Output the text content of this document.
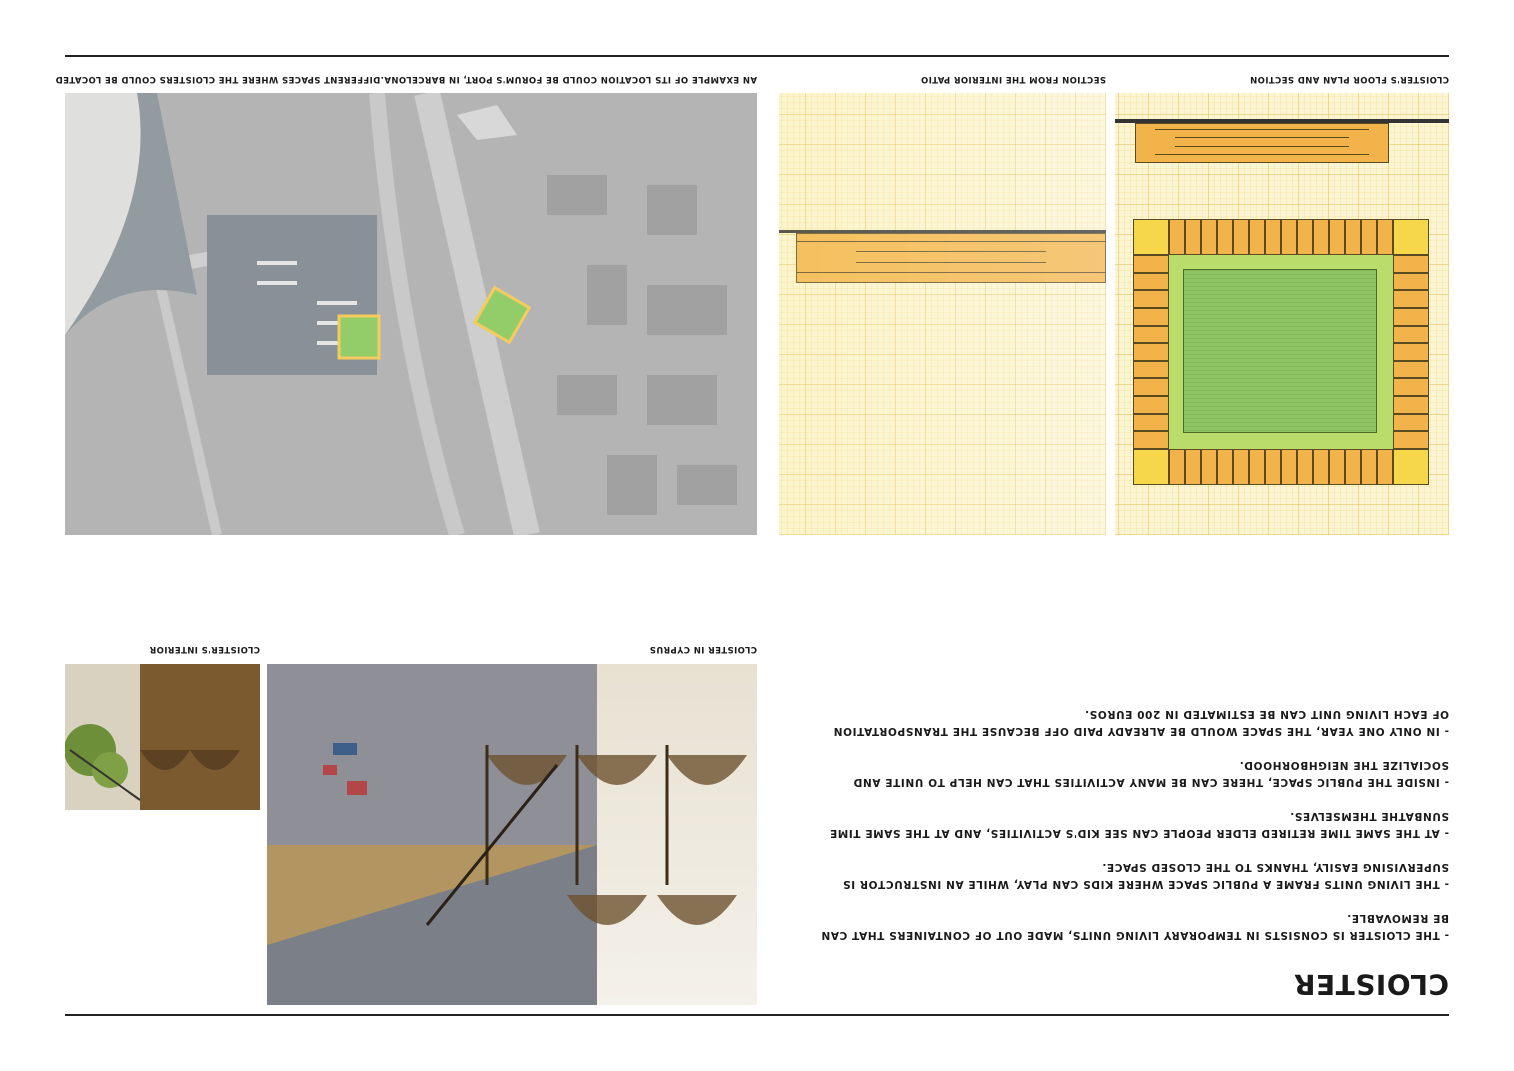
CLOISTER

- THE CLOISTER IS CONSISTS IN TEMPORARY LIVING UNITS, MADE OUT OF CONTAINERS THAT CAN
BE REMOVABLE.

- THE LIVING UNITS FRAME A PUBLIC SPACE WHERE KIDS CAN PLAY, WHILE AN INSTRUCTOR IS
SUPERVISING EASILY, THANKS TO THE CLOSED SPACE.

- AT THE SAME TIME RETIRED ELDER PEOPLE CAN SEE KID'S ACTIVITIES, AND AT THE SAME TIME
SUNBATHE THEMSELVES.

- INSIDE THE PUBLIC SPACE, THERE CAN BE MANY ACTIVITIES THAT CAN HELP TO UNITE AND
SOCIALIZE THE NEIGHBORHOOD.

- IN ONLY ONE YEAR, THE SPACE WOULD BE ALREADY PAID OFF BECAUSE THE TRANSPORTATION
OF EACH LIVING UNIT CAN BE ESTIMATED IN 200 EUROS.

CLOISTER IN CYPRUS
CLOISTER'S INTERIOR
CLOISTER'S FLOOR PLAN AND SECTION
SECTION FROM THE INTERIOR PATIO
AN EXAMPLE OF ITS LOCATION COULD BE FORUM'S PORT, IN BARCELONA.DIFFERENT SPACES WHERE THE CLOISTERS COULD BE LOCATED
